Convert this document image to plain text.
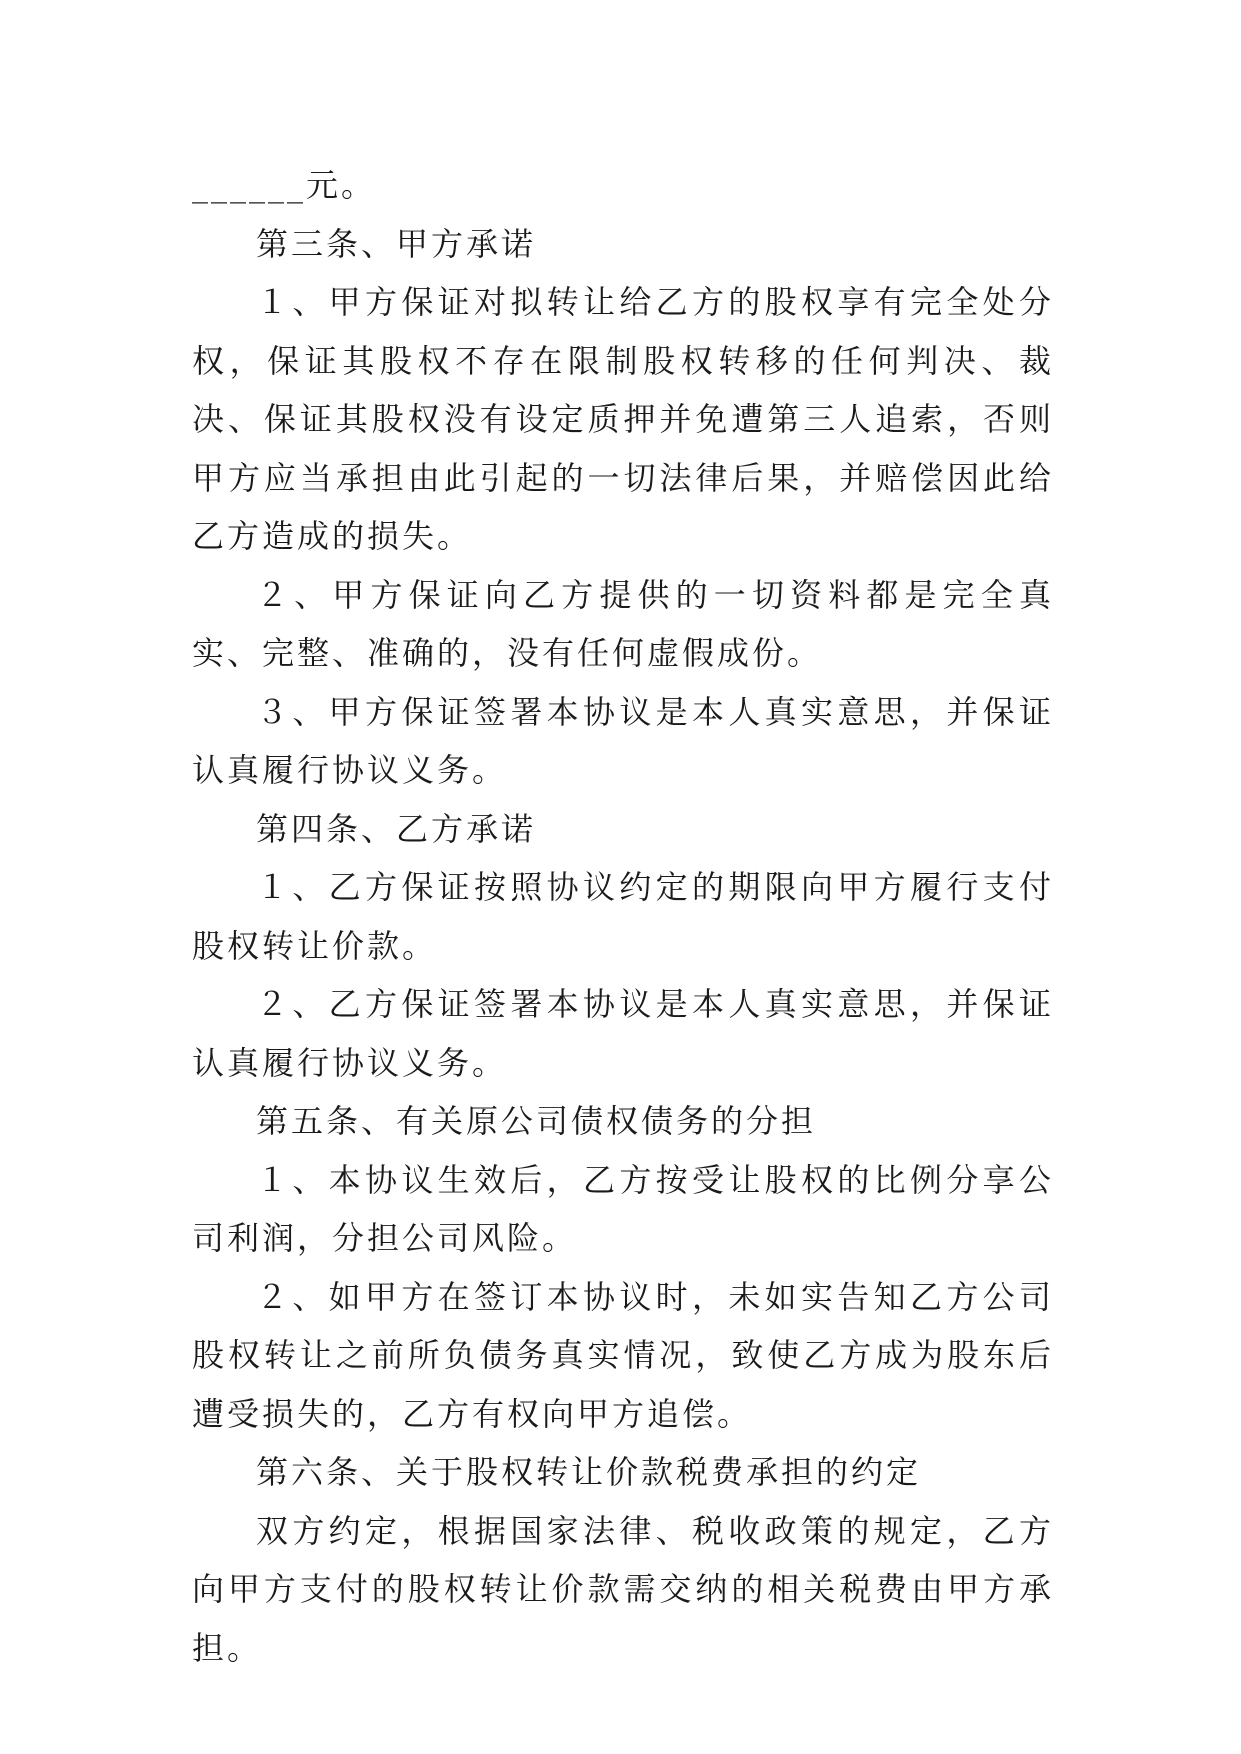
______元。

第三条、甲方承诺

１、甲方保证对拟转让给乙方的股权享有完全处分权，保证其股权不存在限制股权转移的任何判决、裁决、保证其股权没有设定质押并免遭第三人追索，否则甲方应当承担由此引起的一切法律后果，并赔偿因此给乙方造成的损失。

２、甲方保证向乙方提供的一切资料都是完全真实、完整、准确的，没有任何虚假成份。

３、甲方保证签署本协议是本人真实意思，并保证认真履行协议义务。

第四条、乙方承诺

１、乙方保证按照协议约定的期限向甲方履行支付股权转让价款。

２、乙方保证签署本协议是本人真实意思，并保证认真履行协议义务。

第五条、有关原公司债权债务的分担

１、本协议生效后，乙方按受让股权的比例分享公司利润，分担公司风险。

２、如甲方在签订本协议时，未如实告知乙方公司股权转让之前所负债务真实情况，致使乙方成为股东后遭受损失的，乙方有权向甲方追偿。

第六条、关于股权转让价款税费承担的约定

双方约定，根据国家法律、税收政策的规定，乙方向甲方支付的股权转让价款需交纳的相关税费由甲方承担。
